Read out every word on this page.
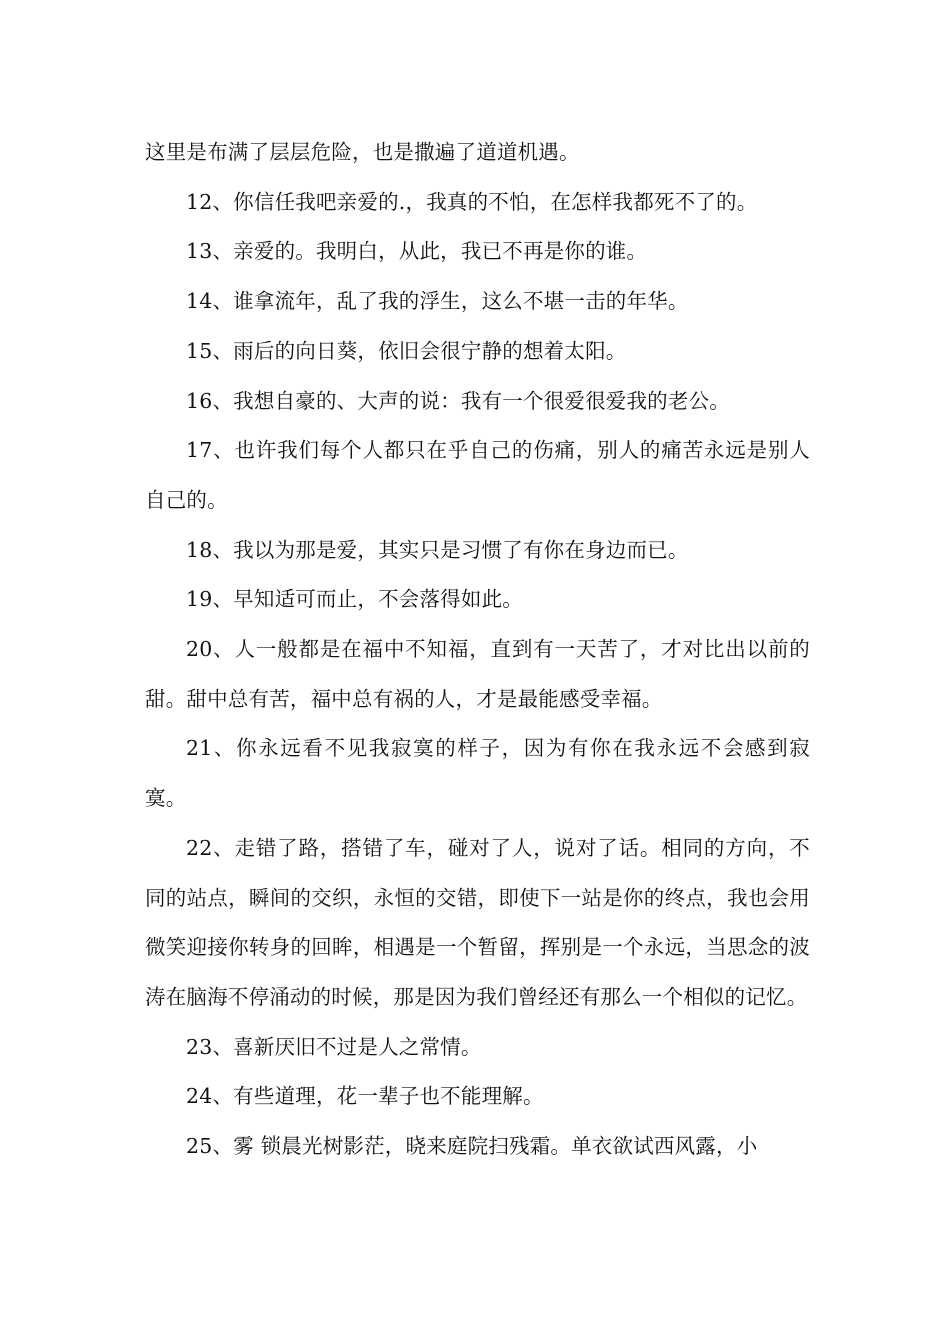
这里是布满了层层危险，也是撒遍了道道机遇。

12、你信任我吧亲爱的.，我真的不怕，在怎样我都死不了的。

13、亲爱的。我明白，从此，我已不再是你的谁。

14、谁拿流年，乱了我的浮生，这么不堪一击的年华。

15、雨后的向日葵，依旧会很宁静的想着太阳。

16、我想自豪的、大声的说：我有一个很爱很爱我的老公。

17、也许我们每个人都只在乎自己的伤痛，别人的痛苦永远是别人自己的。

18、我以为那是爱，其实只是习惯了有你在身边而已。

19、早知适可而止，不会落得如此。

20、人一般都是在福中不知福，直到有一天苦了，才对比出以前的甜。甜中总有苦，福中总有祸的人，才是最能感受幸福。

21、你永远看不见我寂寞的样子，因为有你在我永远不会感到寂寞。

22、走错了路，搭错了车，碰对了人，说对了话。相同的方向，不同的站点，瞬间的交织，永恒的交错，即使下一站是你的终点，我也会用微笑迎接你转身的回眸，相遇是一个暂留，挥别是一个永远，当思念的波涛在脑海不停涌动的时候，那是因为我们曾经还有那么一个相似的记忆。

23、喜新厌旧不过是人之常情。

24、有些道理，花一辈子也不能理解。

25、雾 锁晨光树影茫，晓来庭院扫残霜。单衣欲试西风露，小
